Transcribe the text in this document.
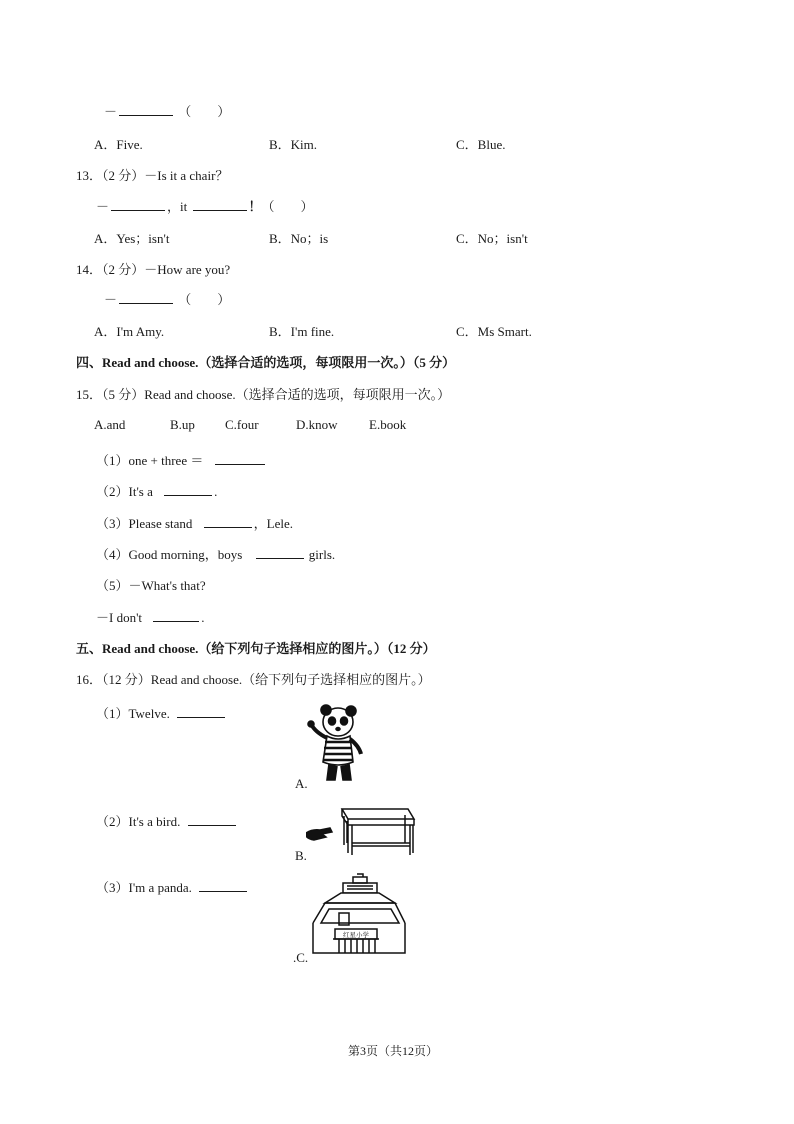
－	（　　）
A．Five.	B．Kim.	C．Blue.
13．（2 分）－Is it a chair？
－	，it	！（　　）
A．Yes；isn't	B．No；is	C．No；isn't
14．（2 分）－How are you?
－	（　　）
A．I'm Amy.	B．I'm fine.	C．Ms Smart.
四、Read and choose.（选择合适的选项，每项限用一次。）（5 分）
15．（5 分）Read and choose.（选择合适的选项，每项限用一次。）
A.and	B.up C.four	D.know E.book
（1）one + three ＝
（2）It's a	.
（3）Please stand	，Lele.
（4）Good morning，boys	girls.
（5）－What's that?
－I don't	.
五、Read and choose.（给下列句子选择相应的图片。）（12 分）
16．（12 分）Read and choose.（给下列句子选择相应的图片。）
（1）Twelve.
（2）It's a bird.
（3）I'm a panda.
A.
B.
红星小学
.C.
第3页（共12页）
